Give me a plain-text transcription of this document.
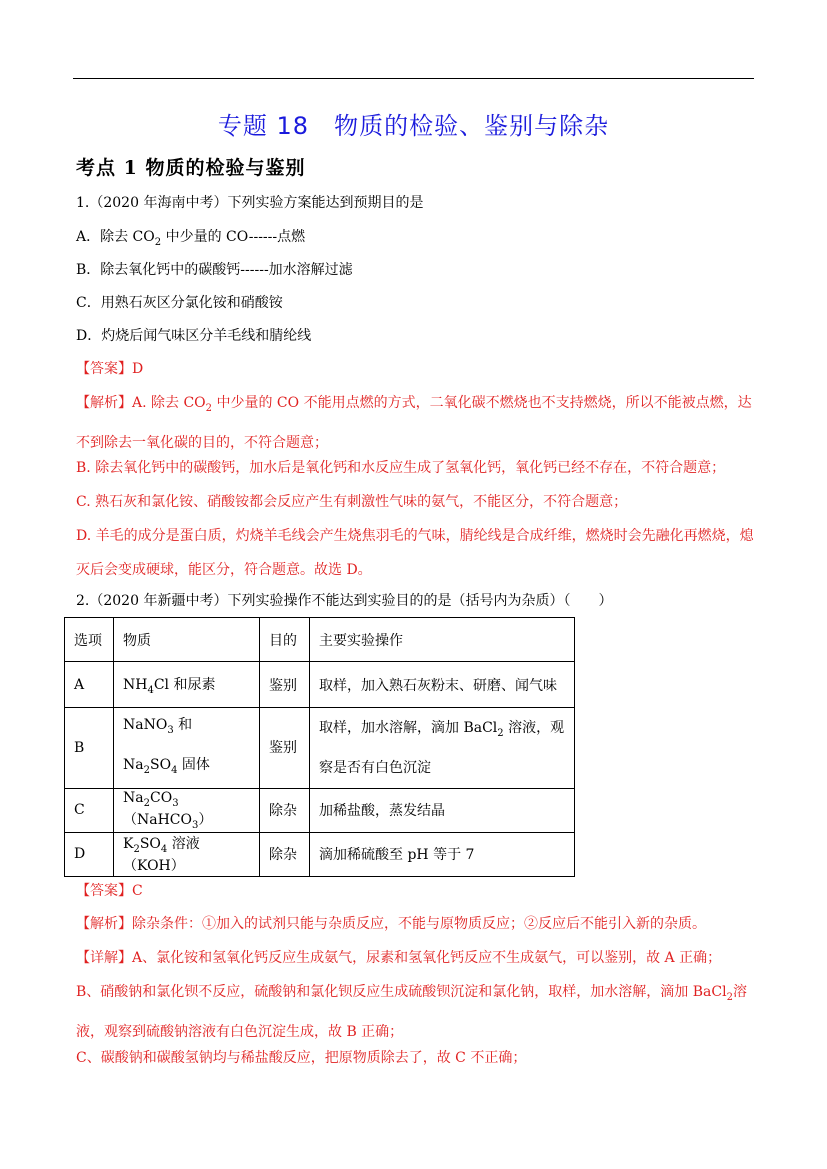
专题 18　物质的检验、鉴别与除杂
考点 1 物质的检验与鉴别
1.（2020 年海南中考）下列实验方案能达到预期目的是
A．除去 $CO_2$ 中少量的 CO------点燃
B．除去氧化钙中的碳酸钙------加水溶解过滤
C．用熟石灰区分氯化铵和硝酸铵
D．灼烧后闻气味区分羊毛线和腈纶线
【答案】D
【解析】A. 除去 $CO_2$ 中少量的 CO 不能用点燃的方式，二氧化碳不燃烧也不支持燃烧，所以不能被点燃，达不到除去一氧化碳的目的，不符合题意；
B. 除去氧化钙中的碳酸钙，加水后是氧化钙和水反应生成了氢氧化钙，氧化钙已经不存在，不符合题意；
C. 熟石灰和氯化铵、硝酸铵都会反应产生有刺激性气味的氨气，不能区分，不符合题意；
D. 羊毛的成分是蛋白质，灼烧羊毛线会产生烧焦羽毛的气味，腈纶线是合成纤维，燃烧时会先融化再燃烧，熄灭后会变成硬球，能区分，符合题意。故选 D。
2.（2020 年新疆中考）下列实验操作不能达到实验目的的是（括号内为杂质）（　　）
选项	物质	目的	主要实验操作
A	$NH_4Cl$ 和尿素	鉴别	取样，加入熟石灰粉末、研磨、闻气味
B	NaNO$_3$ 和 $Na_2SO_4$ 固体	鉴别	取样，加水溶解，滴加 BaCl$_2$ 溶液，观察是否有白色沉淀
C	$Na_2CO_3(NaHCO_3)$	除杂	加稀盐酸，蒸发结晶
D	$K_2SO_4$ 溶液（KOH）	除杂	滴加稀硫酸至 pH 等于 7
【答案】C
【解析】除杂条件：①加入的试剂只能与杂质反应，不能与原物质反应；②反应后不能引入新的杂质。
【详解】A、氯化铵和氢氧化钙反应生成氨气，尿素和氢氧化钙反应不生成氨气，可以鉴别，故 A 正确；
B、硝酸钠和氯化钡不反应，硫酸钠和氯化钡反应生成硫酸钡沉淀和氯化钠，取样，加水溶解，滴加 BaCl$_2$溶液，观察到硫酸钠溶液有白色沉淀生成，故 B 正确；
C、碳酸钠和碳酸氢钠均与稀盐酸反应，把原物质除去了，故 C 不正确；
